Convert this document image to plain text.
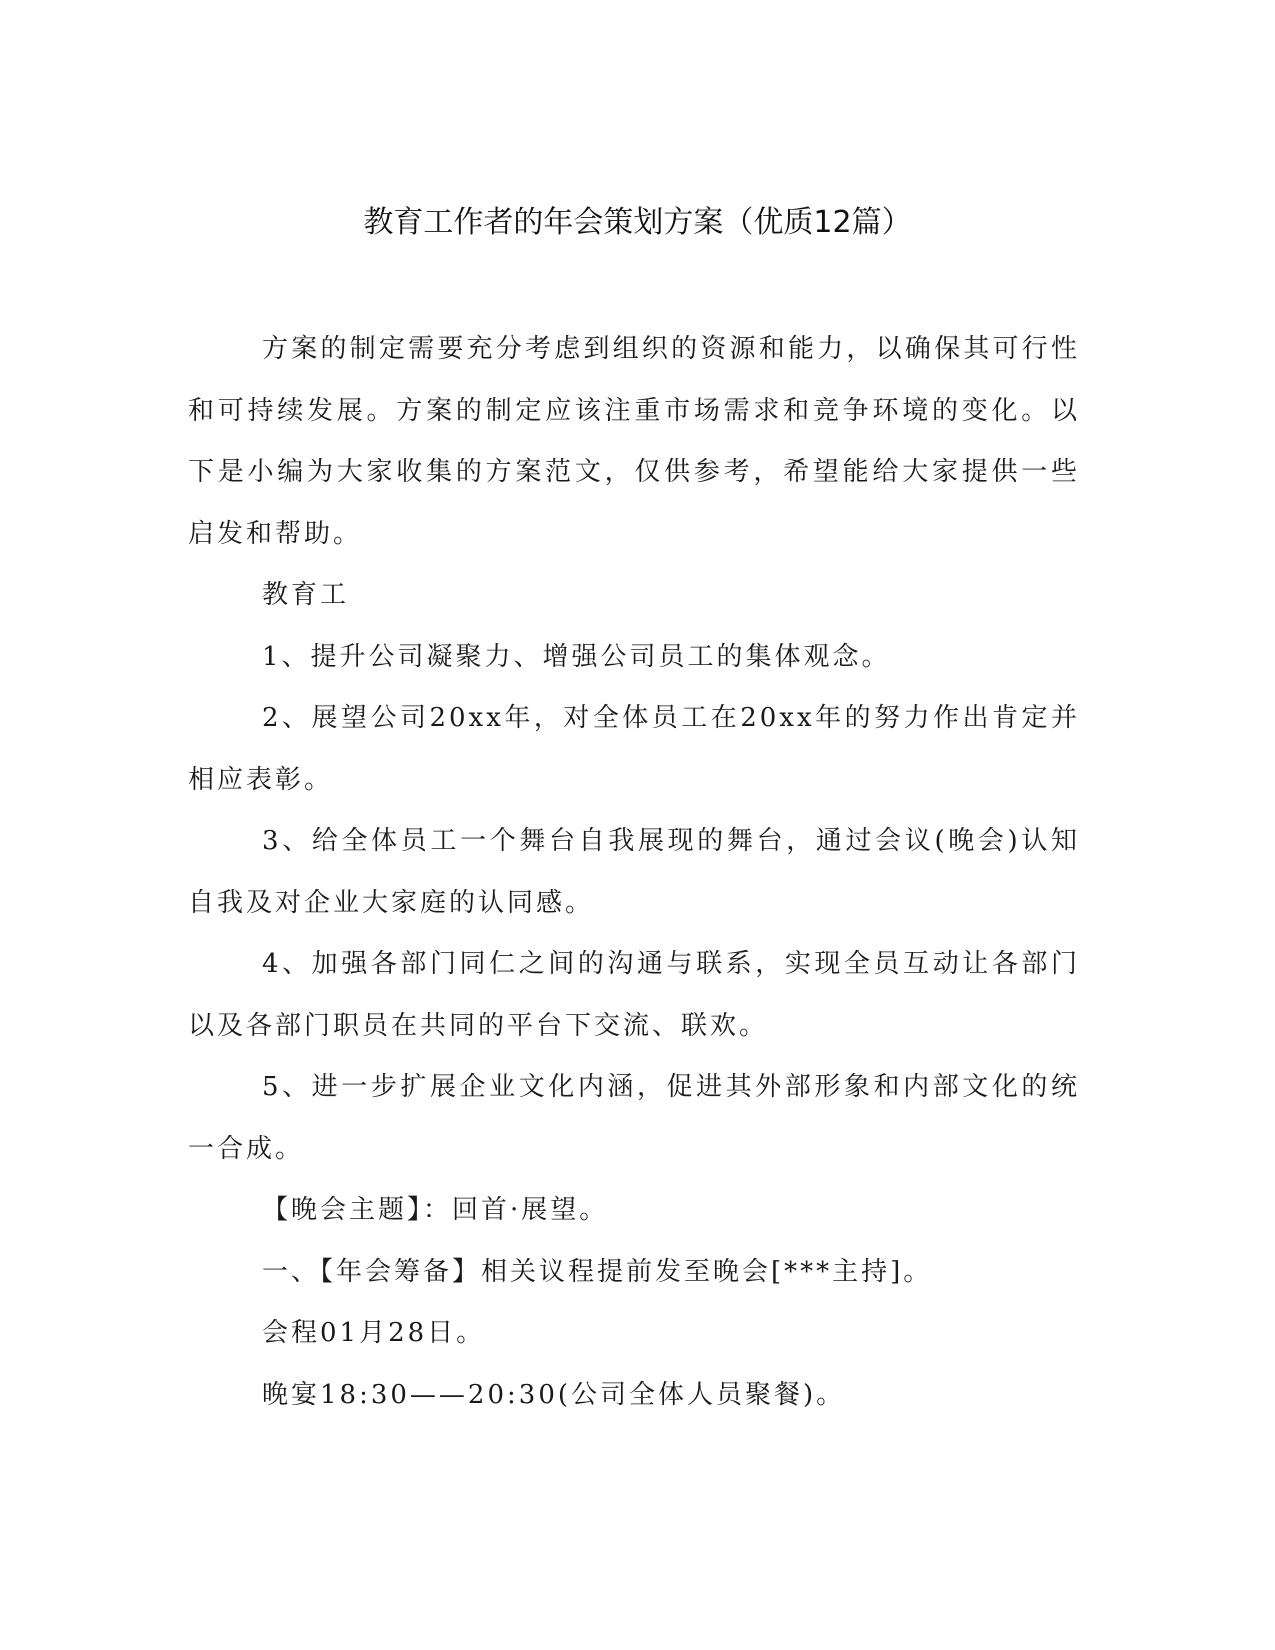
教育工作者的年会策划方案（优质12篇）

方案的制定需要充分考虑到组织的资源和能力，以确保其可行性和可持续发展。方案的制定应该注重市场需求和竞争环境的变化。以下是小编为大家收集的方案范文，仅供参考，希望能给大家提供一些启发和帮助。

教育工

1、提升公司凝聚力、增强公司员工的集体观念。

2、展望公司20xx年，对全体员工在20xx年的努力作出肯定并相应表彰。

3、给全体员工一个舞台自我展现的舞台，通过会议(晚会)认知自我及对企业大家庭的认同感。

4、加强各部门同仁之间的沟通与联系，实现全员互动让各部门以及各部门职员在共同的平台下交流、联欢。

5、进一步扩展企业文化内涵，促进其外部形象和内部文化的统一合成。

【晚会主题】：回首·展望。

一、【年会筹备】相关议程提前发至晚会[***主持]。

会程01月28日。

晚宴18:30——20:30(公司全体人员聚餐)。
